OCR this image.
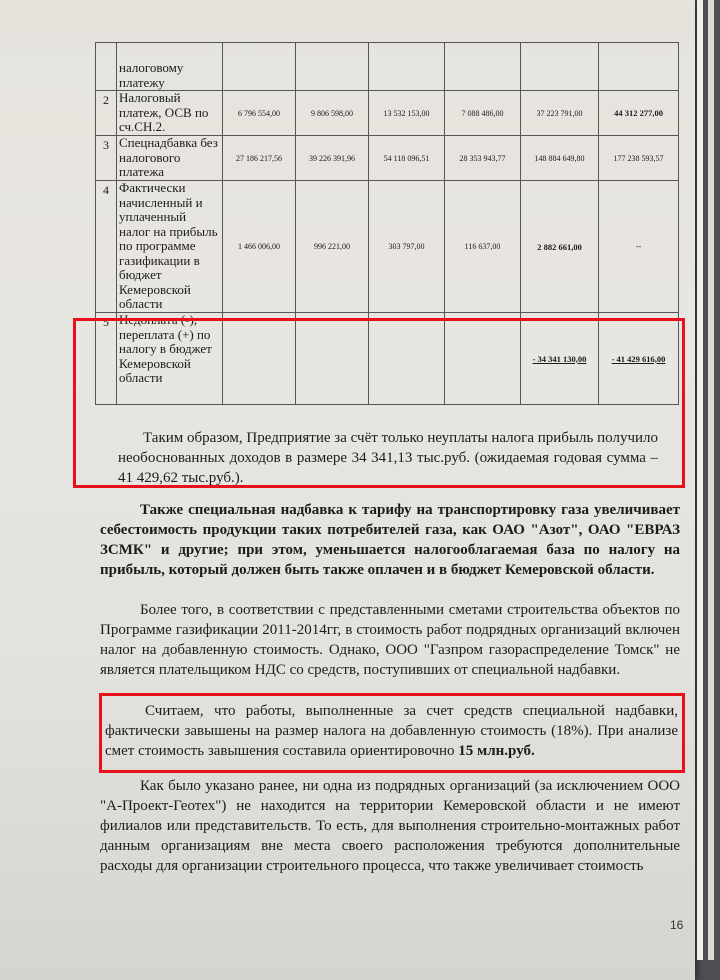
	налоговому платежу						
2	Налоговый платеж, ОСВ по сч.СН.2.	6 796 554,00	9 806 598,00	13 532 153,00	7 088 486,00	37 223 791,00	44 312 277,00
3	Спецнадбавка без налогового платежа	27 186 217,56	39 226 391,96	54 118 096,51	28 353 943,77	148 884 649,80	177 238 593,57
4	Фактически начисленный и уплаченный налог на прибыль по программе газификации в бюджет Кемеровской области	1 466 006,00	996 221,00	303 797,00	116 637,00	2 882 661,00	--
5	Недоплата (-), переплата (+) по налогу в бюджет Кемеровской области					- 34 341 130,00	- 41 429 616,00

Таким образом, Предприятие за счёт только неуплаты налога прибыль получило необоснованных доходов в размере 34 341,13 тыс.руб. (ожидаемая годовая сумма – 41 429,62 тыс.руб.).

Также специальная надбавка к тарифу на транспортировку газа увеличивает себестоимость продукции таких потребителей газа, как ОАО "Азот", ОАО "ЕВРАЗ ЗСМК" и другие; при этом, уменьшается налогооблагаемая база по налогу на прибыль, который должен быть также оплачен и в бюджет Кемеровской области.

Более того, в соответствии с представленными сметами строительства объектов по Программе газификации 2011-2014гг, в стоимость работ подрядных организаций включен налог на добавленную стоимость. Однако, ООО "Газпром газораспределение Томск" не является плательщиком НДС со средств, поступивших от специальной надбавки.

Считаем, что работы, выполненные за счет средств специальной надбавки, фактически завышены на размер налога на добавленную стоимость (18%). При анализе смет стоимость завышения составила ориентировочно 15 млн.руб.

Как было указано ранее, ни одна из подрядных организаций (за исключением ООО "А-Проект-Геотех") не находится на территории Кемеровской области и не имеют филиалов или представительств. То есть, для выполнения строительно-монтажных работ данным организациям вне места своего расположения требуются дополнительные расходы для организации строительного процесса, что также увеличивает стоимость

16
